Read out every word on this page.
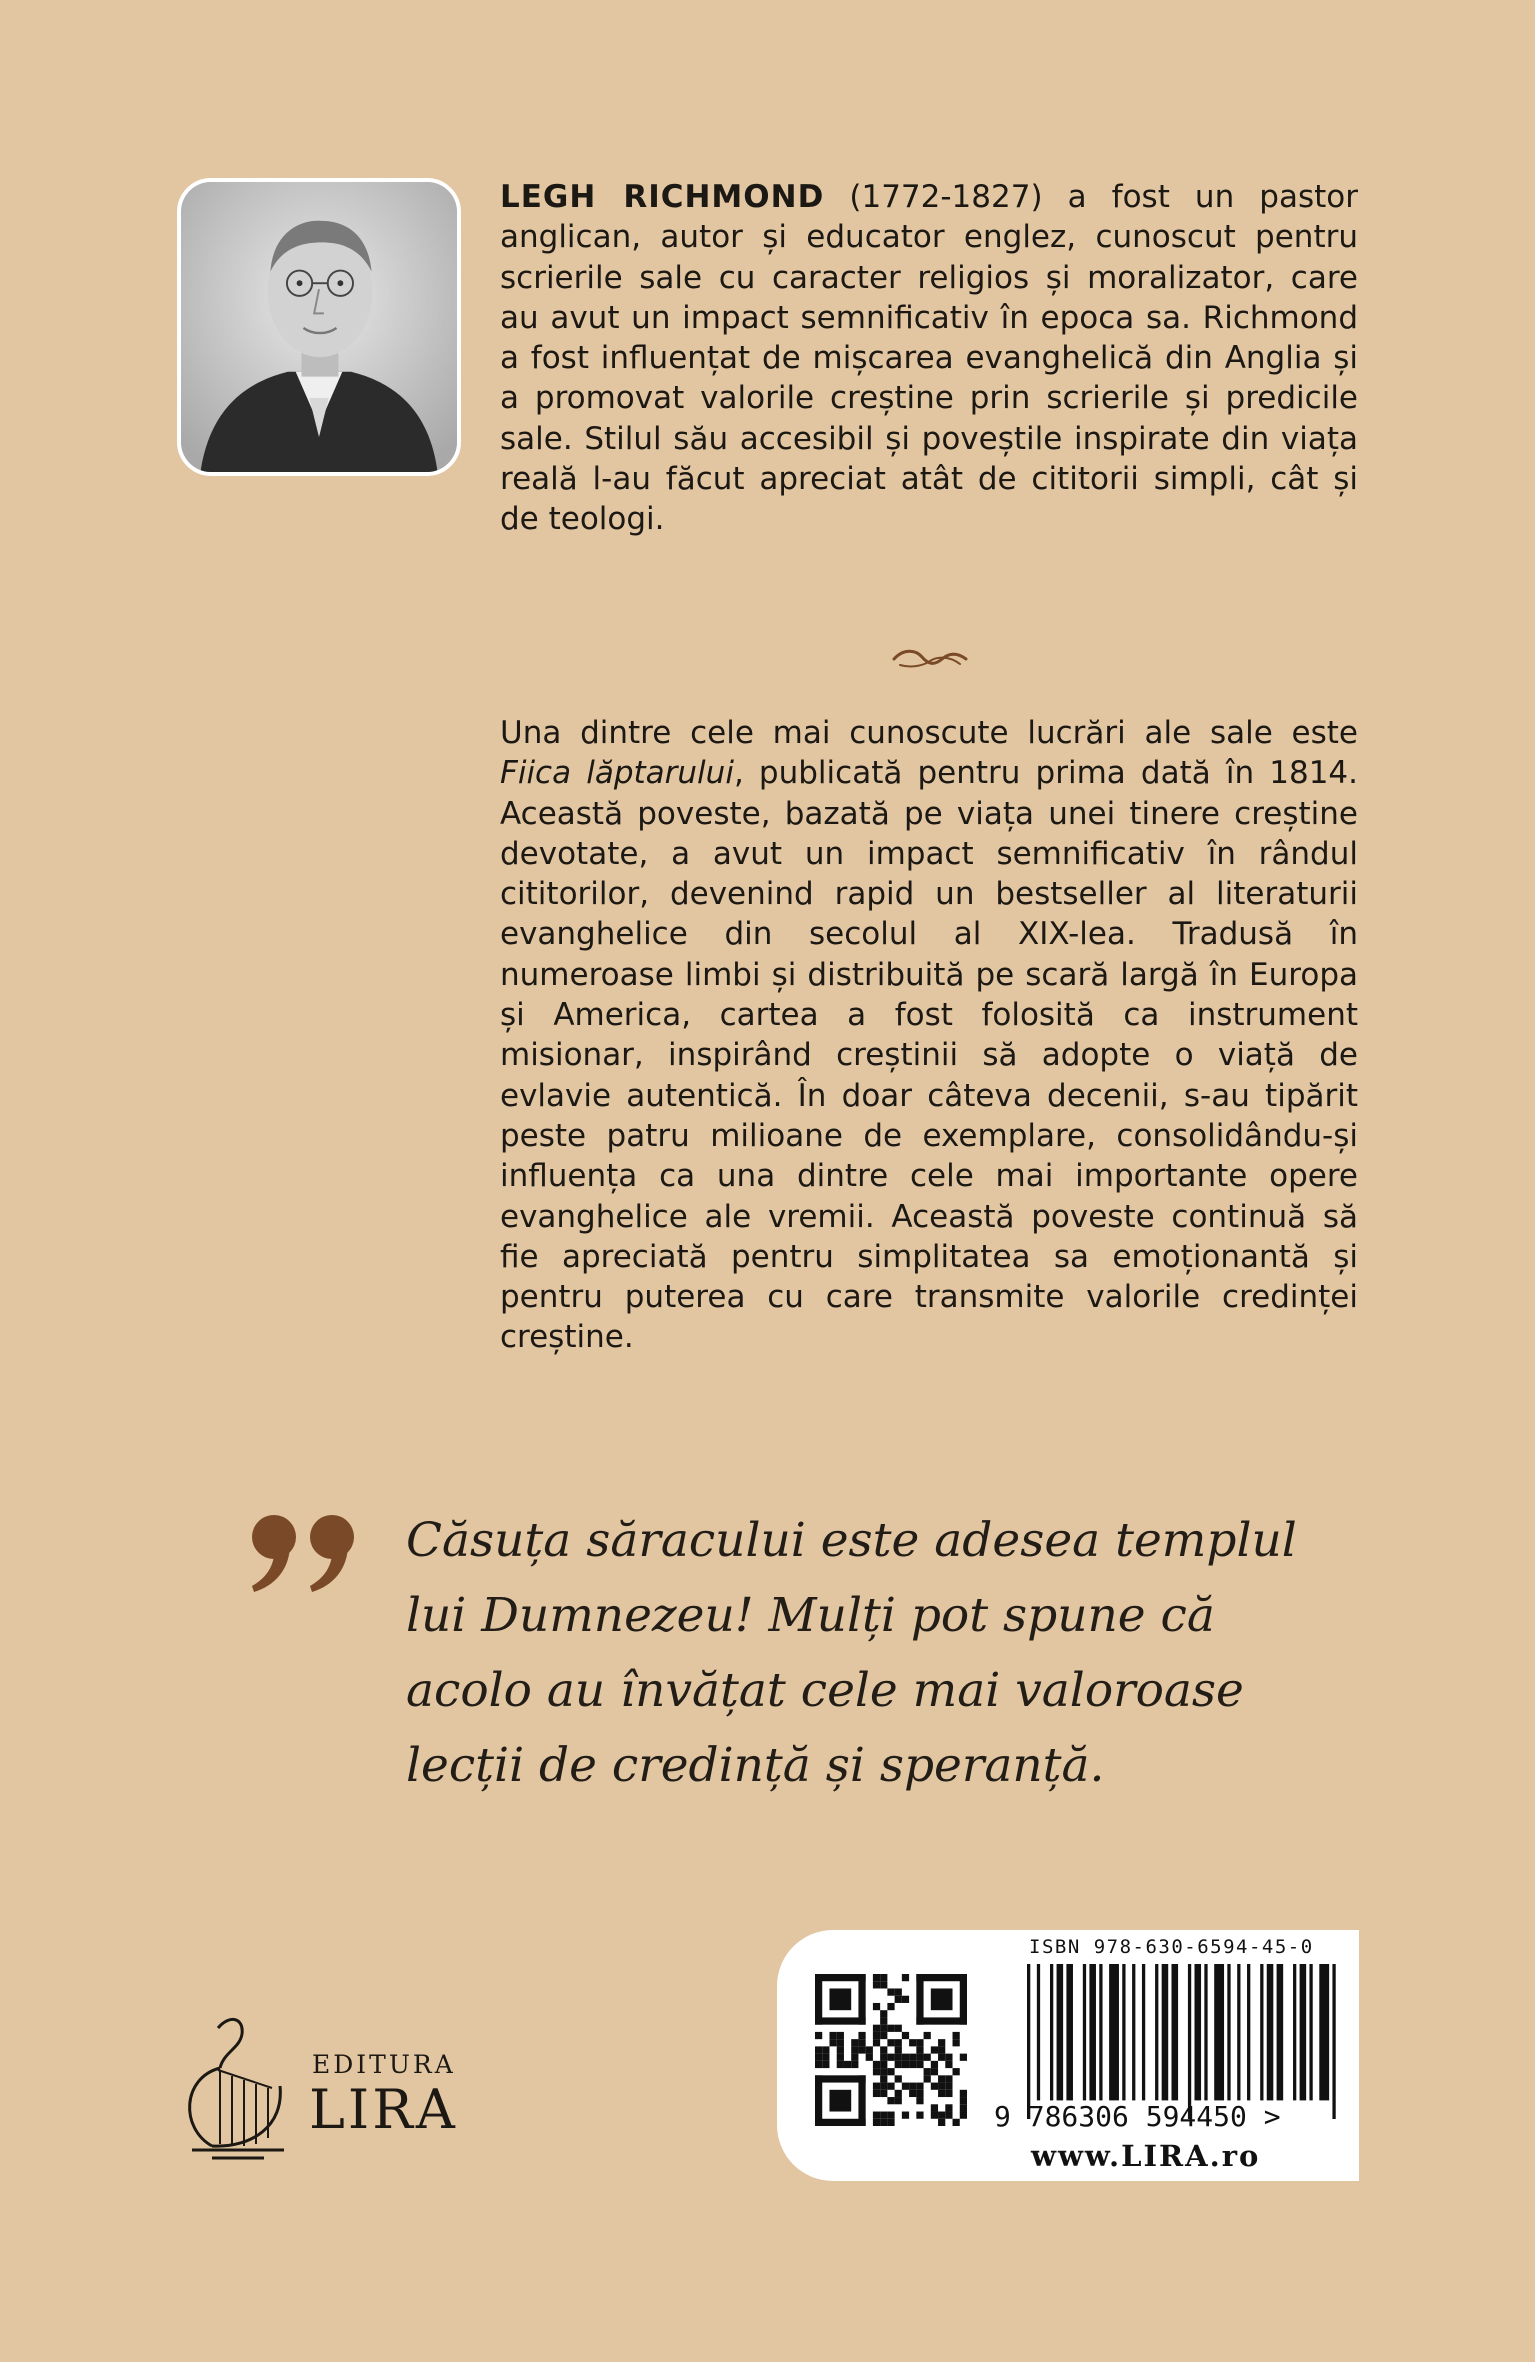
LEGH RICHMOND (1772-1827) a fost un pastor anglican, autor și educator englez, cunoscut pentru scrierile sale cu caracter religios și moralizator, care au avut un impact semnificativ în epoca sa. Richmond a fost influențat de mișcarea evanghelică din Anglia și a promovat valorile creștine prin scrierile și predicile sale. Stilul său accesibil și poveștile inspirate din viața reală l-au făcut apreciat atât de cititorii simpli, cât și de teologi.

Una dintre cele mai cunoscute lucrări ale sale este Fiica lăptarului, publicată pentru prima dată în 1814. Această poveste, bazată pe viața unei tinere creștine devotate, a avut un impact semnificativ în rândul cititorilor, devenind rapid un bestseller al literaturii evanghelice din secolul al XIX-lea. Tradusă în numeroase limbi și distribuită pe scară largă în Europa și America, cartea a fost folosită ca instrument misionar, inspirând creștinii să adopte o viață de evlavie autentică. În doar câteva decenii, s-au tipărit peste patru milioane de exemplare, consolidându-și influența ca una dintre cele mai importante opere evanghelice ale vremii. Această poveste continuă să fie apreciată pentru simplitatea sa emoționantă și pentru puterea cu care transmite valorile credinței creștine.

Căsuța săracului este adesea templul
lui Dumnezeu! Mulți pot spune că
acolo au învățat cele mai valoroase
lecții de credință și speranță.

EDITURA
LIRA
ISBN 978-630-6594-45-0
9 786306 594450 >
www.LIRA.ro
